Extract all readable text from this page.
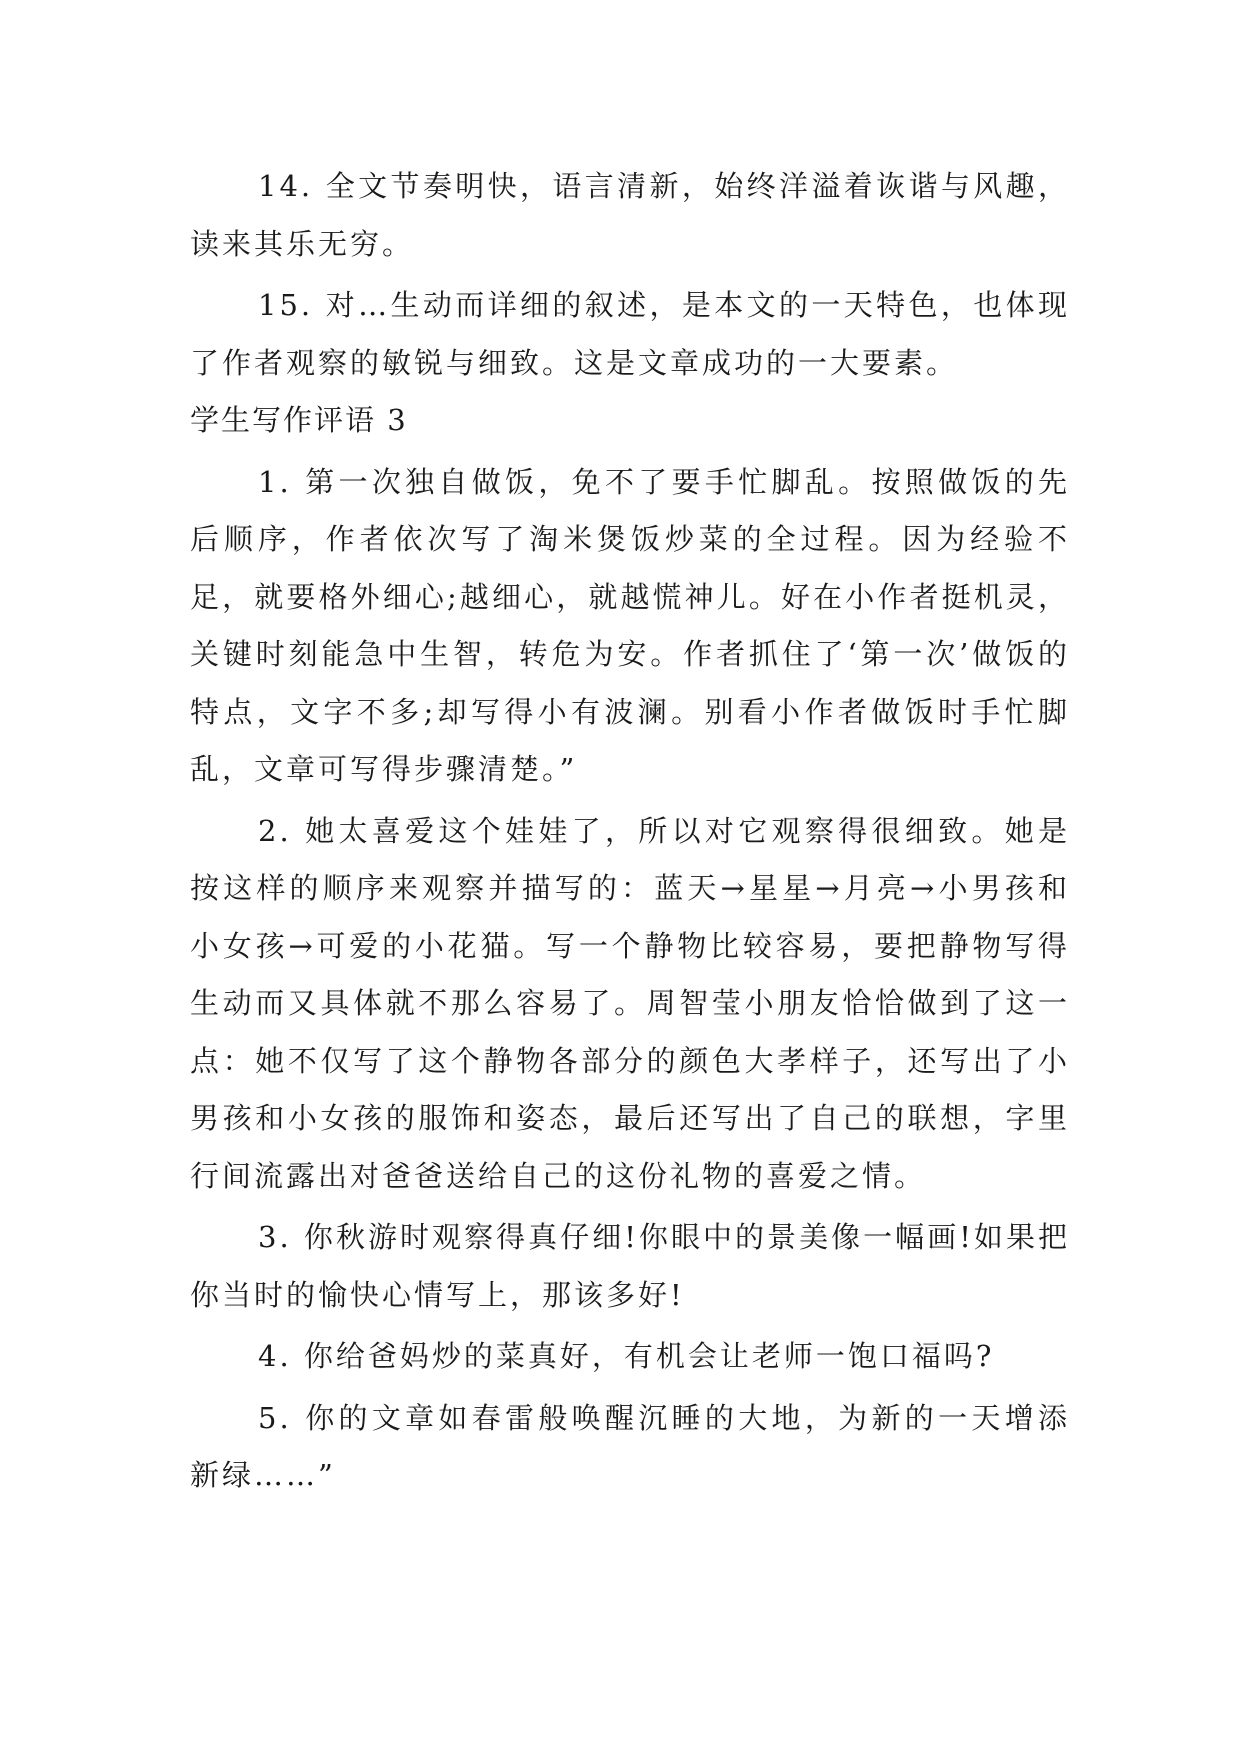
14. 全文节奏明快，语言清新，始终洋溢着诙谐与风趣，读来其乐无穷。

15. 对…生动而详细的叙述，是本文的一天特色，也体现了作者观察的敏锐与细致。这是文章成功的一大要素。

学生写作评语 3

1. 第一次独自做饭，免不了要手忙脚乱。按照做饭的先后顺序，作者依次写了淘米煲饭炒菜的全过程。因为经验不足，就要格外细心;越细心，就越慌神儿。好在小作者挺机灵，关键时刻能急中生智，转危为安。作者抓住了‘第一次’做饭的特点，文字不多;却写得小有波澜。别看小作者做饭时手忙脚乱，文章可写得步骤清楚。”

2. 她太喜爱这个娃娃了，所以对它观察得很细致。她是按这样的顺序来观察并描写的：蓝天→星星→月亮→小男孩和小女孩→可爱的小花猫。写一个静物比较容易，要把静物写得生动而又具体就不那么容易了。周智莹小朋友恰恰做到了这一点：她不仅写了这个静物各部分的颜色大孝样子，还写出了小男孩和小女孩的服饰和姿态，最后还写出了自己的联想，字里行间流露出对爸爸送给自己的这份礼物的喜爱之情。

3. 你秋游时观察得真仔细!你眼中的景美像一幅画!如果把你当时的愉快心情写上，那该多好!

4. 你给爸妈炒的菜真好，有机会让老师一饱口福吗?

5. 你的文章如春雷般唤醒沉睡的大地，为新的一天增添新绿……”
